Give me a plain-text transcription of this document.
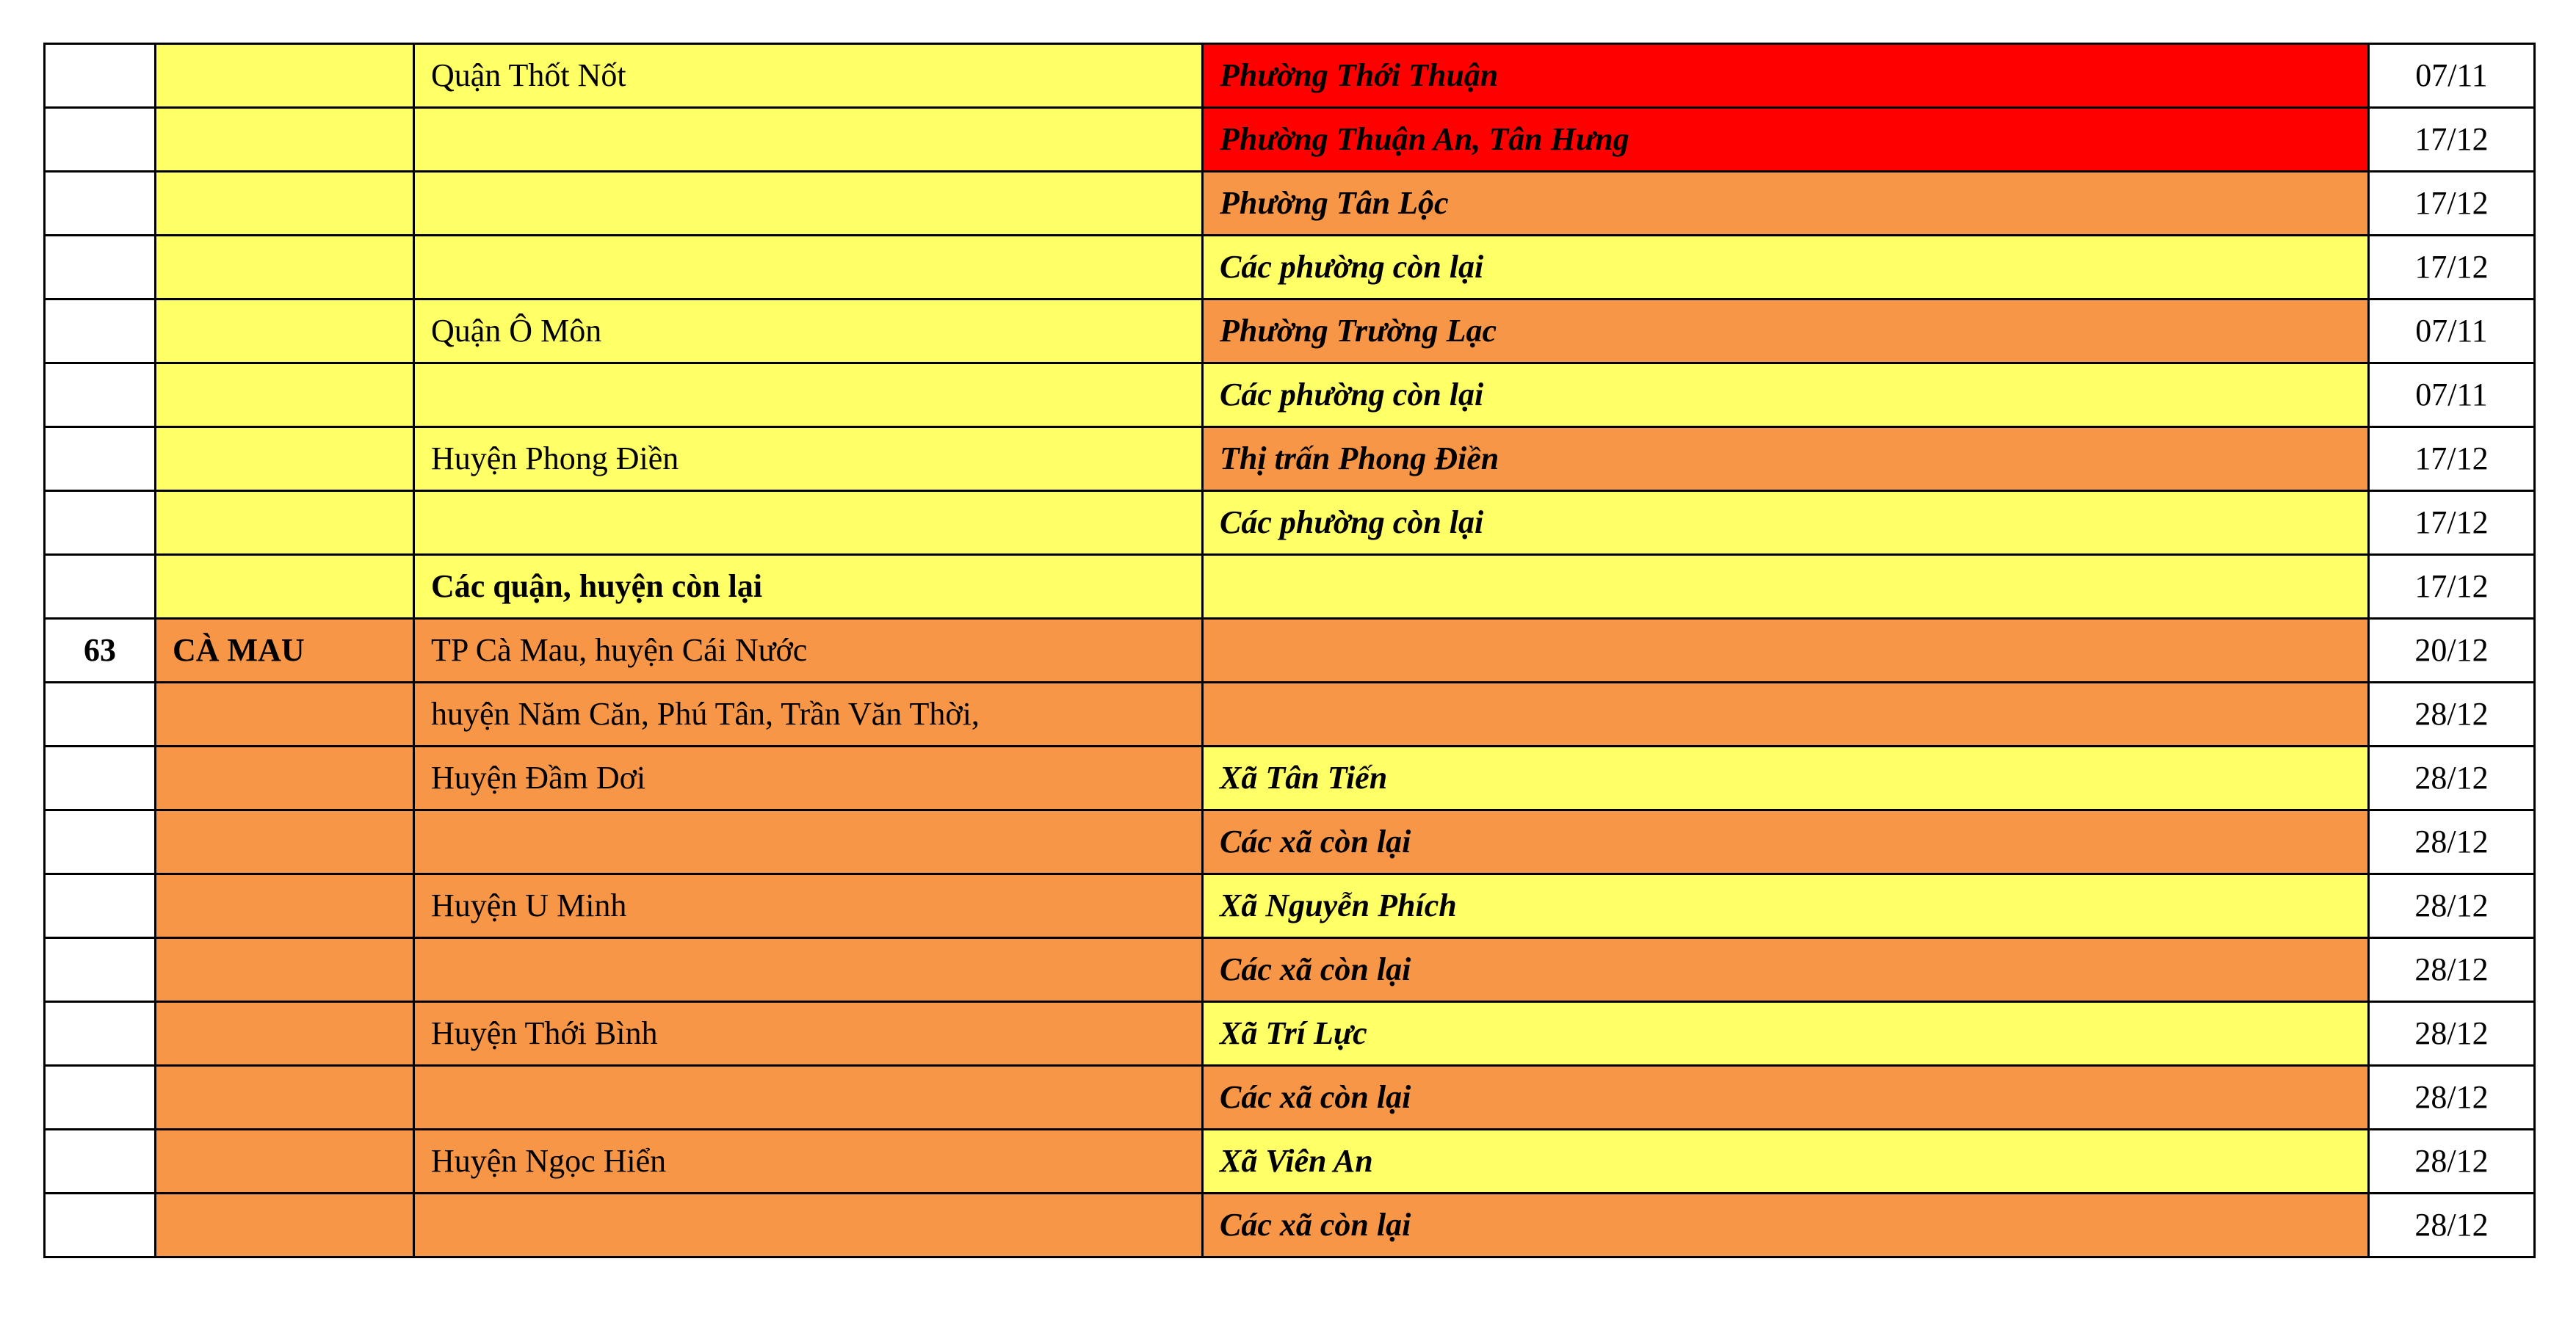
		Quận Thốt Nốt	Phường Thới Thuận	07/11
			Phường Thuận An, Tân Hưng	17/12
			Phường Tân Lộc	17/12
			Các phường còn lại	17/12
		Quận Ô Môn	Phường Trường Lạc	07/11
			Các phường còn lại	07/11
		Huyện Phong Điền	Thị trấn Phong Điền	17/12
			Các phường còn lại	17/12
		Các quận, huyện còn lại		17/12
63	CÀ MAU	TP Cà Mau, huyện Cái Nước		20/12
		huyện Năm Căn, Phú Tân, Trần Văn Thời,		28/12
		Huyện Đầm Dơi	Xã Tân Tiến	28/12
			Các xã còn lại	28/12
		Huyện U Minh	Xã Nguyễn Phích	28/12
			Các xã còn lại	28/12
		Huyện Thới Bình	Xã Trí Lực	28/12
			Các xã còn lại	28/12
		Huyện Ngọc Hiển	Xã Viên An	28/12
			Các xã còn lại	28/12
